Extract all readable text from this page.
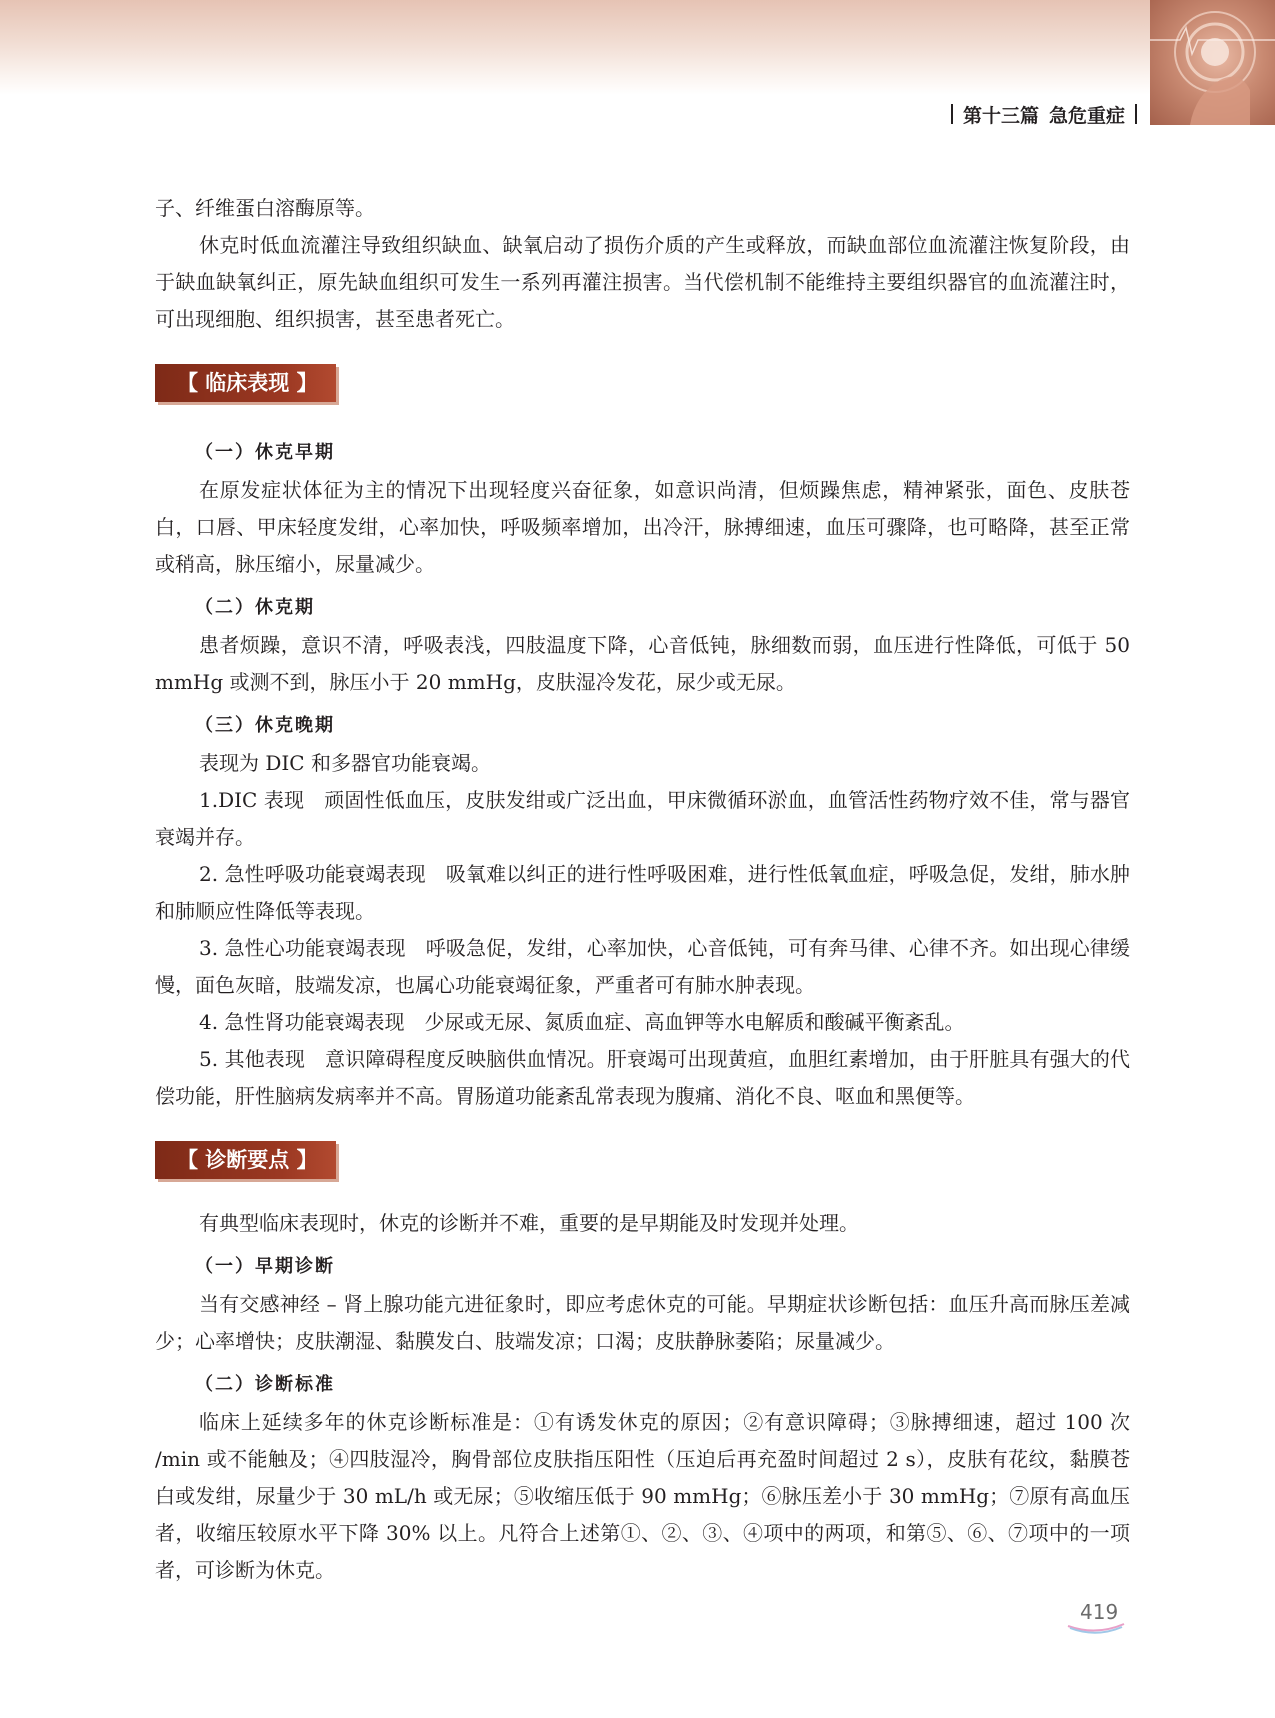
第十三篇 急危重症

子、纤维蛋白溶酶原等。

休克时低血流灌注导致组织缺血、缺氧启动了损伤介质的产生或释放，而缺血部位血流灌注恢复阶段，由于缺血缺氧纠正，原先缺血组织可发生一系列再灌注损害。当代偿机制不能维持主要组织器官的血流灌注时，可出现细胞、组织损害，甚至患者死亡。

【 临床表现 】
（一）休克早期

在原发症状体征为主的情况下出现轻度兴奋征象，如意识尚清，但烦躁焦虑，精神紧张，面色、皮肤苍白，口唇、甲床轻度发绀，心率加快，呼吸频率增加，出冷汗，脉搏细速，血压可骤降，也可略降，甚至正常或稍高，脉压缩小，尿量减少。

（二）休克期

患者烦躁，意识不清，呼吸表浅，四肢温度下降，心音低钝，脉细数而弱，血压进行性降低，可低于 50 mmHg 或测不到，脉压小于 20 mmHg，皮肤湿冷发花，尿少或无尿。

（三）休克晚期

表现为 DIC 和多器官功能衰竭。

1.DIC 表现　顽固性低血压，皮肤发绀或广泛出血，甲床微循环淤血，血管活性药物疗效不佳，常与器官衰竭并存。

2. 急性呼吸功能衰竭表现　吸氧难以纠正的进行性呼吸困难，进行性低氧血症，呼吸急促，发绀，肺水肿和肺顺应性降低等表现。

3. 急性心功能衰竭表现　呼吸急促，发绀，心率加快，心音低钝，可有奔马律、心律不齐。如出现心律缓慢，面色灰暗，肢端发凉，也属心功能衰竭征象，严重者可有肺水肿表现。

4. 急性肾功能衰竭表现　少尿或无尿、氮质血症、高血钾等水电解质和酸碱平衡紊乱。

5. 其他表现　意识障碍程度反映脑供血情况。肝衰竭可出现黄疸，血胆红素增加，由于肝脏具有强大的代偿功能，肝性脑病发病率并不高。胃肠道功能紊乱常表现为腹痛、消化不良、呕血和黑便等。

【 诊断要点 】

有典型临床表现时，休克的诊断并不难，重要的是早期能及时发现并处理。

（一）早期诊断

当有交感神经 – 肾上腺功能亢进征象时，即应考虑休克的可能。早期症状诊断包括：血压升高而脉压差减少；心率增快；皮肤潮湿、黏膜发白、肢端发凉；口渴；皮肤静脉萎陷；尿量减少。

（二）诊断标准

临床上延续多年的休克诊断标准是：①有诱发休克的原因；②有意识障碍；③脉搏细速，超过 100 次 /min 或不能触及；④四肢湿冷，胸骨部位皮肤指压阳性（压迫后再充盈时间超过 2 s），皮肤有花纹，黏膜苍白或发绀，尿量少于 30 mL/h 或无尿；⑤收缩压低于 90 mmHg；⑥脉压差小于 30 mmHg；⑦原有高血压者，收缩压较原水平下降 30% 以上。凡符合上述第①、②、③、④项中的两项，和第⑤、⑥、⑦项中的一项者，可诊断为休克。

419
